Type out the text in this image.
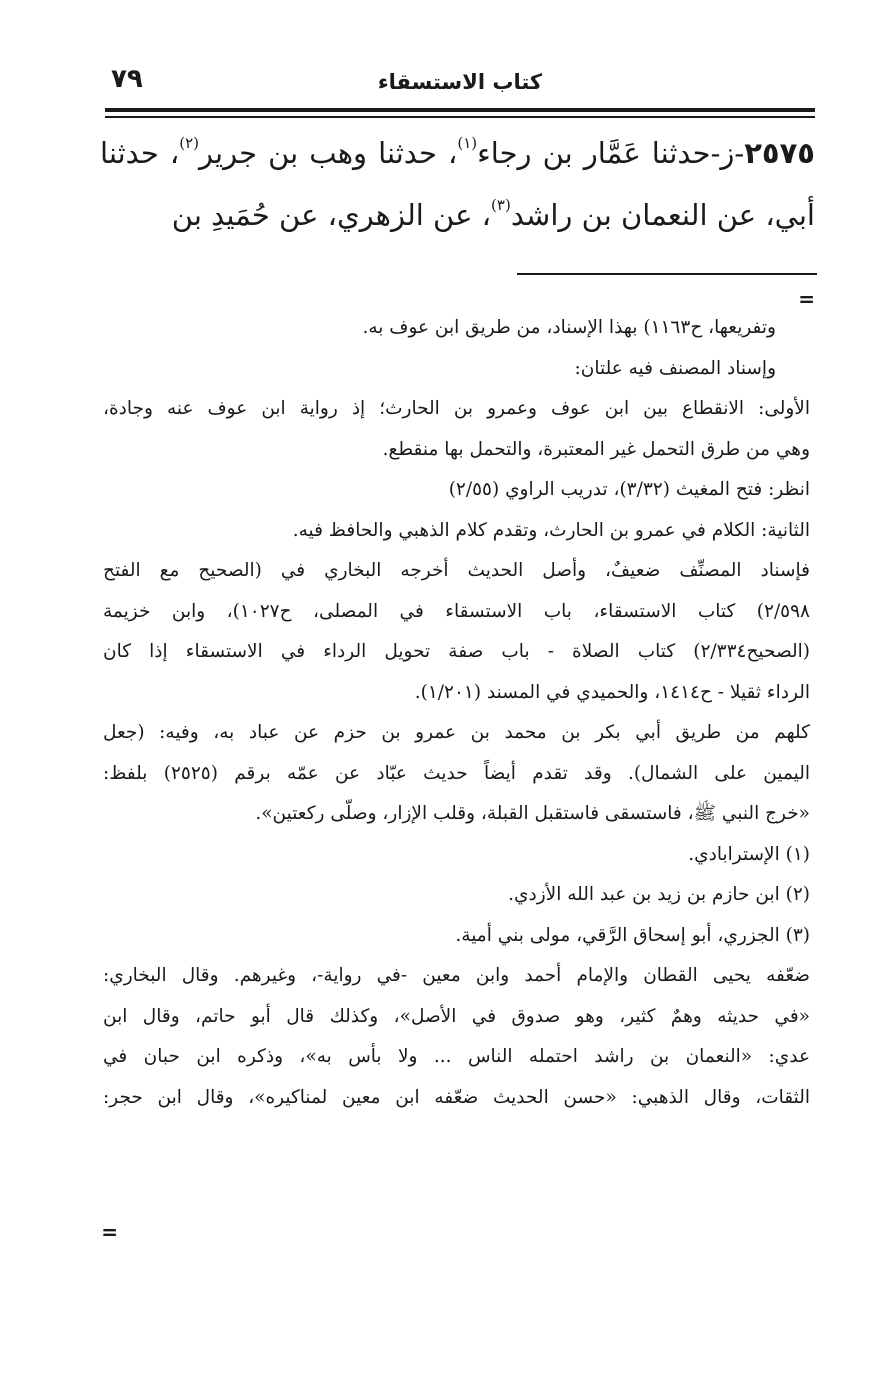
٧٩	كتاب الاستسقاء
٢٥٧٥-ز-حدثنا عَمَّار بن رجاء$^{(١)}$، حدثنا وهب بن جرير$^{(٢)}$، حدثنا أبي، عن النعمان بن راشد$^{(٣)}$، عن الزهري، عن حُمَيدِ بن
=
وتفريعها، ح١١٦٣) بهذا الإسناد، من طريق ابن عوف به.
وإسناد المصنف فيه علتان:
الأولى: الانقطاع بين ابن عوف وعمرو بن الحارث؛ إذ رواية ابن عوف عنه وجادة،
وهي من طرق التحمل غير المعتبرة، والتحمل بها منقطع.
انظر: فتح المغيث (٣/٣٢)، تدريب الراوي (٢/٥٥)
الثانية: الكلام في عمرو بن الحارث، وتقدم كلام الذهبي والحافظ فيه.
فإسناد المصنِّف ضعيفٌ، وأصل الحديث أخرجه البخاري في (الصحيح مع الفتح
٢/٥٩٨) كتاب الاستسقاء، باب الاستسقاء في المصلى، ح١٠٢٧)، وابن خزيمة
(الصحيح٢/٣٣٤) كتاب الصلاة - باب صفة تحويل الرداء في الاستسقاء إذا كان
الرداء ثقيلا - ح١٤١٤، والحميدي في المسند (١/٢٠١).
كلهم من طريق أبي بكر بن محمد بن عمرو بن حزم عن عباد به، وفيه: (جعل
اليمين على الشمال). وقد تقدم أيضاً حديث عبّاد عن عمّه برقم (٢٥٢٥) بلفظ:
«خرج النبي ﷺ، فاستسقى فاستقبل القبلة، وقلب الإزار، وصلّى ركعتين».
(١) الإسترابادي.
(٢) ابن حازم بن زيد بن عبد الله الأزدي.
(٣) الجزري، أبو إسحاق الرَّقي، مولى بني أمية.
ضعّفه يحيى القطان والإمام أحمد وابن معين -في رواية-، وغيرهم. وقال البخاري:
«في حديثه وهمٌ كثير، وهو صدوق في الأصل»، وكذلك قال أبو حاتم، وقال ابن
عدي: «النعمان بن راشد احتمله الناس ... ولا بأس به»، وذكره ابن حبان في
الثقات، وقال الذهبي: «حسن الحديث ضعّفه ابن معين لمناكيره»، وقال ابن حجر:
=
